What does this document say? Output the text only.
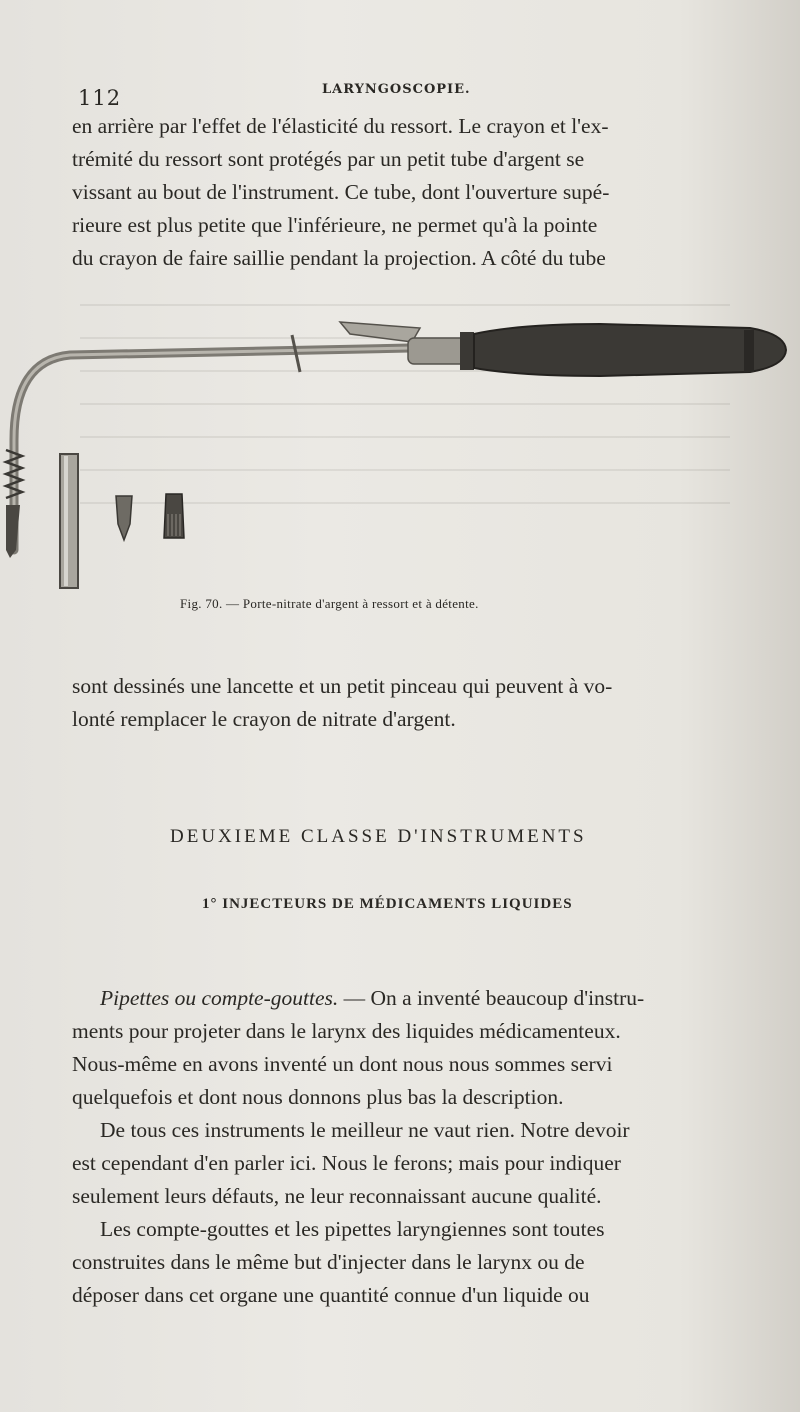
112	LARYNGOSCOPIE.
en arrière par l'effet de l'élasticité du ressort. Le crayon et l'ex-
trémité du ressort sont protégés par un petit tube d'argent se
vissant au bout de l'instrument. Ce tube, dont l'ouverture supé-
rieure est plus petite que l'inférieure, ne permet qu'à la pointe
du crayon de faire saillie pendant la projection. A côté du tube
Fig. 70. — Porte-nitrate d'argent à ressort et à détente.
sont dessinés une lancette et un petit pinceau qui peuvent à vo-
lonté remplacer le crayon de nitrate d'argent.
DEUXIEME CLASSE D'INSTRUMENTS
1° INJECTEURS DE MÉDICAMENTS LIQUIDES
Pipettes ou compte-gouttes. — On a inventé beaucoup d'instru-
ments pour projeter dans le larynx des liquides médicamenteux.
Nous-même en avons inventé un dont nous nous sommes servi
quelquefois et dont nous donnons plus bas la description.
De tous ces instruments le meilleur ne vaut rien. Notre devoir
est cependant d'en parler ici. Nous le ferons; mais pour indiquer
seulement leurs défauts, ne leur reconnaissant aucune qualité.
Les compte-gouttes et les pipettes laryngiennes sont toutes
construites dans le même but d'injecter dans le larynx ou de
déposer dans cet organe une quantité connue d'un liquide ou
